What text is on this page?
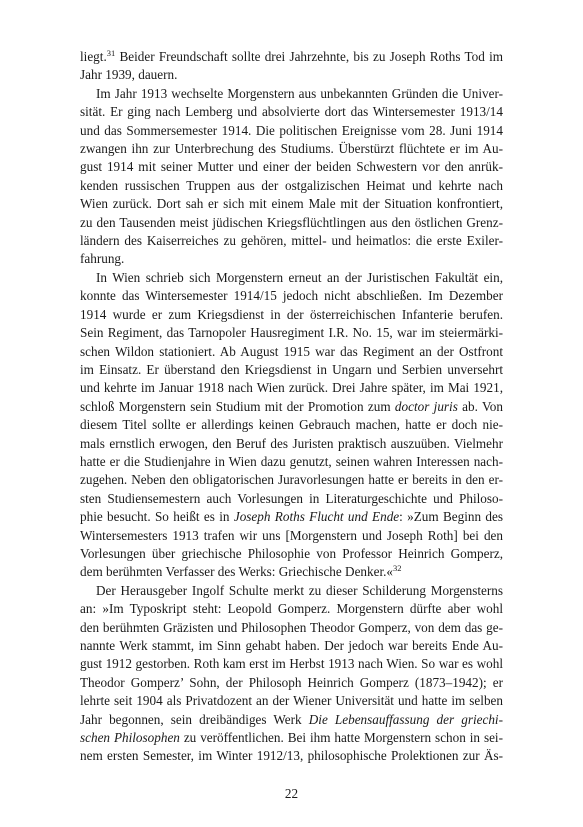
liegt.$^{31}$ Beider Freundschaft sollte drei Jahrzehnte, bis zu Joseph Roths Tod im
Jahr 1939, dauern.
Im Jahr 1913 wechselte Morgenstern aus unbekannten Gründen die Univer-
sität. Er ging nach Lemberg und absolvierte dort das Wintersemester 1913/14
und das Sommersemester 1914. Die politischen Ereignisse vom 28. Juni 1914
zwangen ihn zur Unterbrechung des Studiums. Überstürzt flüchtete er im Au-
gust 1914 mit seiner Mutter und einer der beiden Schwestern vor den anrük-
kenden russischen Truppen aus der ostgalizischen Heimat und kehrte nach
Wien zurück. Dort sah er sich mit einem Male mit der Situation konfrontiert,
zu den Tausenden meist jüdischen Kriegsflüchtlingen aus den östlichen Grenz-
ländern des Kaiserreiches zu gehören, mittel- und heimatlos: die erste Exiler-
fahrung.
In Wien schrieb sich Morgenstern erneut an der Juristischen Fakultät ein,
konnte das Wintersemester 1914/15 jedoch nicht abschließen. Im Dezember
1914 wurde er zum Kriegsdienst in der österreichischen Infanterie berufen.
Sein Regiment, das Tarnopoler Hausregiment I.R. No. 15, war im steiermärki-
schen Wildon stationiert. Ab August 1915 war das Regiment an der Ostfront
im Einsatz. Er überstand den Kriegsdienst in Ungarn und Serbien unversehrt
und kehrte im Januar 1918 nach Wien zurück. Drei Jahre später, im Mai 1921,
schloß Morgenstern sein Studium mit der Promotion zum doctor juris ab. Von
diesem Titel sollte er allerdings keinen Gebrauch machen, hatte er doch nie-
mals ernstlich erwogen, den Beruf des Juristen praktisch auszuüben. Vielmehr
hatte er die Studienjahre in Wien dazu genutzt, seinen wahren Interessen nach-
zugehen. Neben den obligatorischen Juravorlesungen hatte er bereits in den er-
sten Studiensemestern auch Vorlesungen in Literaturgeschichte und Philoso-
phie besucht. So heißt es in Joseph Roths Flucht und Ende: »Zum Beginn des
Wintersemesters 1913 trafen wir uns [Morgenstern und Joseph Roth] bei den
Vorlesungen über griechische Philosophie von Professor Heinrich Gomperz,
dem berühmten Verfasser des Werks: Griechische Denker.«$^{32}$
Der Herausgeber Ingolf Schulte merkt zu dieser Schilderung Morgensterns
an: »Im Typoskript steht: Leopold Gomperz. Morgenstern dürfte aber wohl
den berühmten Gräzisten und Philosophen Theodor Gomperz, von dem das ge-
nannte Werk stammt, im Sinn gehabt haben. Der jedoch war bereits Ende Au-
gust 1912 gestorben. Roth kam erst im Herbst 1913 nach Wien. So war es wohl
Theodor Gomperz’ Sohn, der Philosoph Heinrich Gomperz (1873–1942); er
lehrte seit 1904 als Privatdozent an der Wiener Universität und hatte im selben
Jahr begonnen, sein dreibändiges Werk Die Lebensauffassung der griechi-
schen Philosophen zu veröffentlichen. Bei ihm hatte Morgenstern schon in sei-
nem ersten Semester, im Winter 1912/13, philosophische Prolektionen zur Äs-
22
